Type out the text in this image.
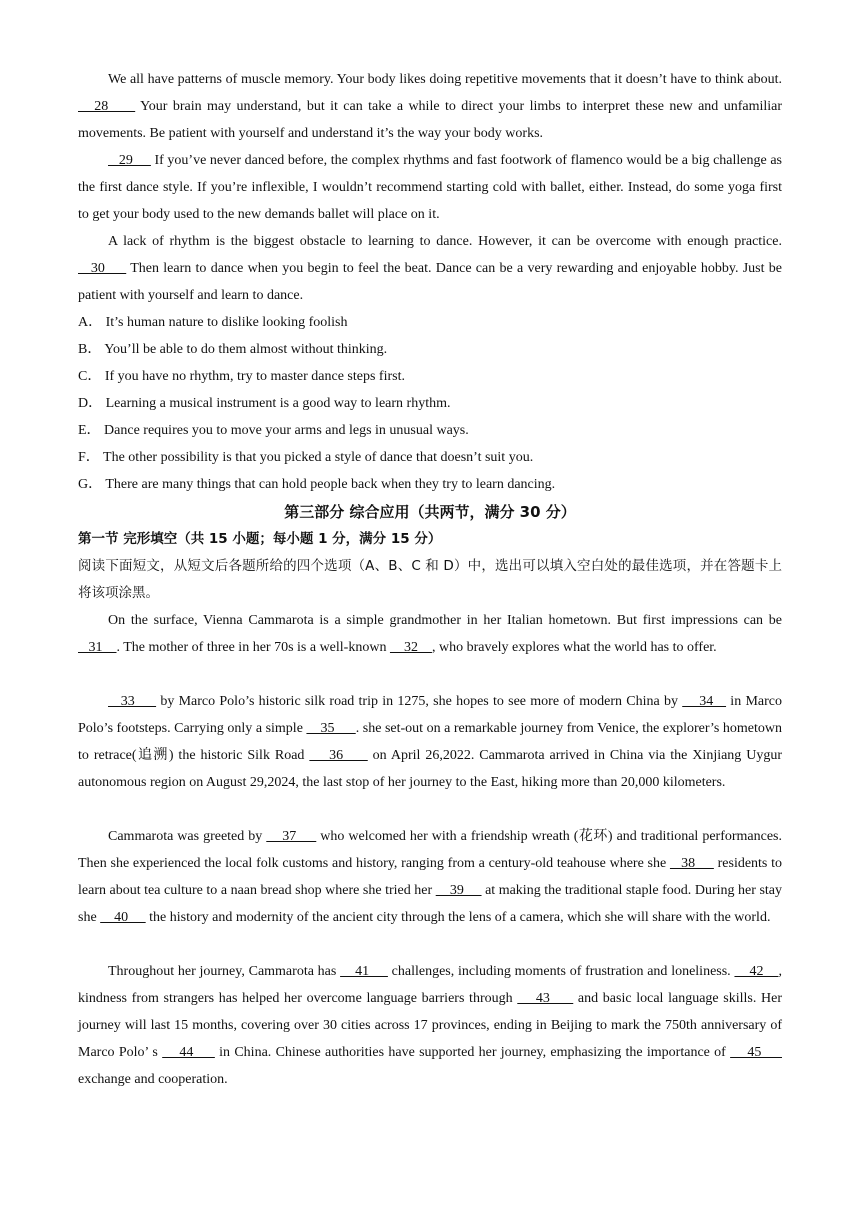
We all have patterns of muscle memory. Your body likes doing repetitive movements that it doesn’t have to think about.    28      Your brain may understand, but it can take a while to direct your limbs to interpret these new and unfamiliar movements. Be patient with yourself and understand it’s the way your body works.

29      If you’ve never danced before, the complex rhythms and fast footwork of flamenco would be a big challenge as the first dance style. If you’re inflexible, I wouldn’t recommend starting cold with ballet, either. Instead, do some yoga first to get your body used to the new demands ballet will place on it.

A lack of rhythm is the biggest obstacle to learning to dance. However, it can be overcome with enough practice.    30      Then learn to dance when you begin to feel the beat. Dance can be a very rewarding and enjoyable hobby. Just be patient with yourself and learn to dance.

A． It’s human nature to dislike looking foolish
B． You’ll be able to do them almost without thinking.
C． If you have no rhythm, try to master dance steps first.
D． Learning a musical instrument is a good way to learn rhythm.
E． Dance requires you to move your arms and legs in unusual ways.
F． The other possibility is that you picked a style of dance that doesn’t suit you.
G． There are many things that can hold people back when they try to learn dancing.
第三部分 综合应用（共两节，满分 30 分）
第一节 完形填空（共 15 小题；每小题 1 分，满分 15 分）
阅读下面短文，从短文后各题所给的四个选项（A、B、C 和 D）中，选出可以填入空白处的最佳选项，并在答题卡上将该项涂黑。

On the surface, Vienna Cammarota is a simple grandmother in her Italian hometown. But first impressions can be    31    . The mother of three in her 70s is a well-known     32    , who bravely explores what the world has to offer.

33      by Marco Polo’s historic silk road trip in 1275, she hopes to see more of modern China by     34    in Marco Polo’s footsteps. Carrying only a simple     35      . she set-out on a remarkable journey from Venice, the explorer’s hometown to retrace(追溯) the historic Silk Road     36      on April 26,2022. Cammarota arrived in China via the Xinjiang Uygur autonomous region on August 29,2024, the last stop of her journey to the East, hiking more than 20,000 kilometers.

Cammarota was greeted by     37      who welcomed her with a friendship wreath (花环) and traditional performances. Then she experienced the local folk customs and history, ranging from a century-old teahouse where she    38      residents to learn about tea culture to a naan bread shop where she tried her     39      at making the traditional staple food. During her stay she     40      the history and modernity of the ancient city through the lens of a camera, which she will share with the world.

Throughout her journey, Cammarota has     41      challenges, including moments of frustration and loneliness.     42    , kindness from strangers has helped her overcome language barriers through     43      and basic local language skills. Her journey will last 15 months, covering over 30 cities across 17 provinces, ending in Beijing to mark the 750th anniversary of Marco Polo’ s     44      in China. Chinese authorities have supported her journey, emphasizing the importance of     45      exchange and cooperation.
